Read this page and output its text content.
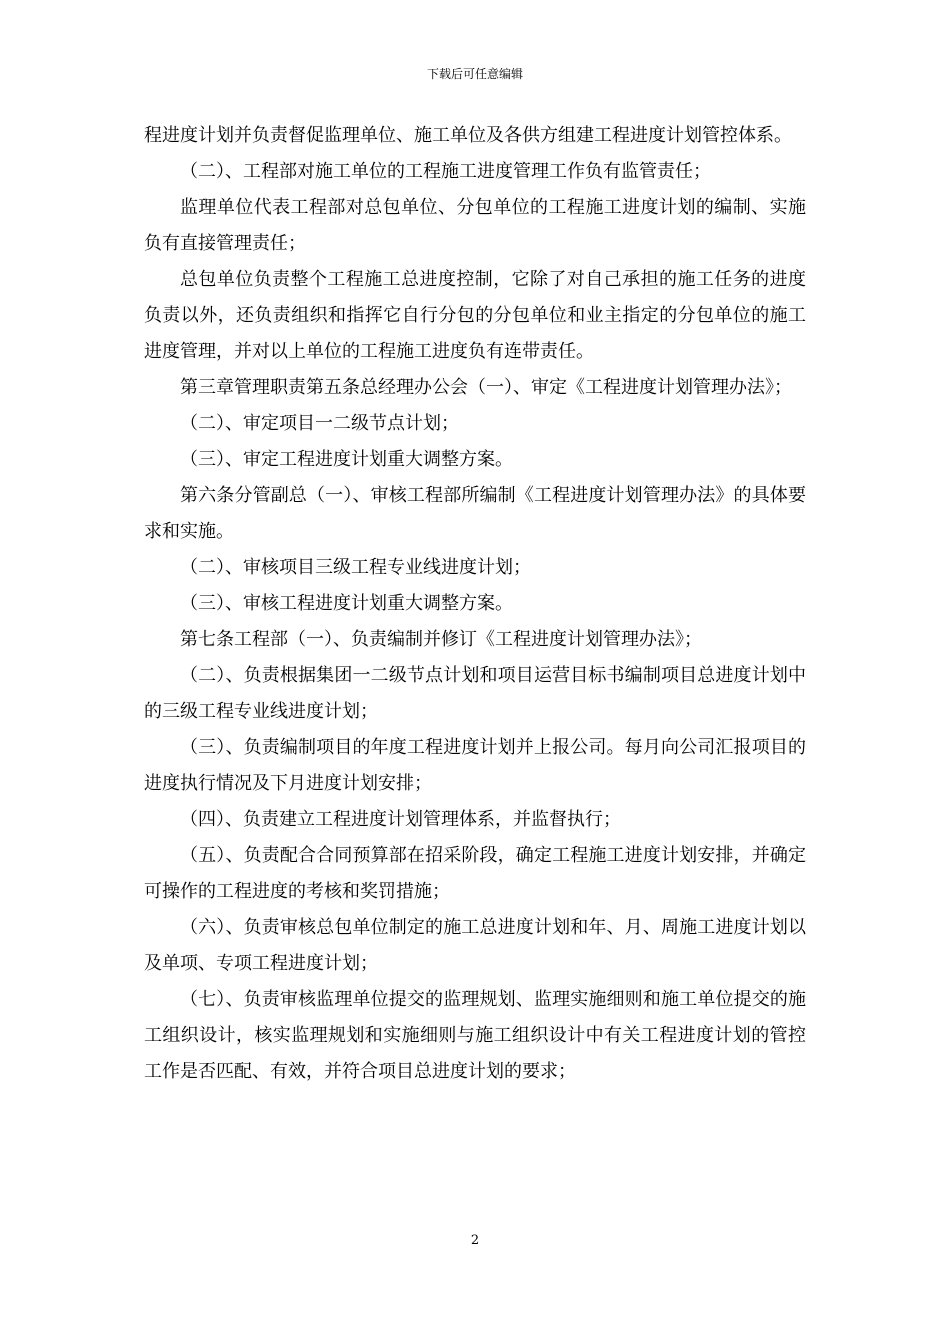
下载后可任意编辑

程进度计划并负责督促监理单位、施工单位及各供方组建工程进度计划管控体系。

（二）、工程部对施工单位的工程施工进度管理工作负有监管责任；

监理单位代表工程部对总包单位、分包单位的工程施工进度计划的编制、实施负有直接管理责任；

总包单位负责整个工程施工总进度控制，它除了对自己承担的施工任务的进度负责以外，还负责组织和指挥它自行分包的分包单位和业主指定的分包单位的施工进度管理，并对以上单位的工程施工进度负有连带责任。

第三章管理职责第五条总经理办公会（一）、审定《工程进度计划管理办法》；

（二）、审定项目一二级节点计划；

（三）、审定工程进度计划重大调整方案。

第六条分管副总（一）、审核工程部所编制《工程进度计划管理办法》的具体要求和实施。

（二）、审核项目三级工程专业线进度计划；

（三）、审核工程进度计划重大调整方案。

第七条工程部（一）、负责编制并修订《工程进度计划管理办法》；

（二）、负责根据集团一二级节点计划和项目运营目标书编制项目总进度计划中的三级工程专业线进度计划；

（三）、负责编制项目的年度工程进度计划并上报公司。每月向公司汇报项目的进度执行情况及下月进度计划安排；

（四）、负责建立工程进度计划管理体系，并监督执行；

（五）、负责配合合同预算部在招采阶段，确定工程施工进度计划安排，并确定可操作的工程进度的考核和奖罚措施；

（六）、负责审核总包单位制定的施工总进度计划和年、月、周施工进度计划以及单项、专项工程进度计划；

（七）、负责审核监理单位提交的监理规划、监理实施细则和施工单位提交的施工组织设计，核实监理规划和实施细则与施工组织设计中有关工程进度计划的管控工作是否匹配、有效，并符合项目总进度计划的要求；

2
